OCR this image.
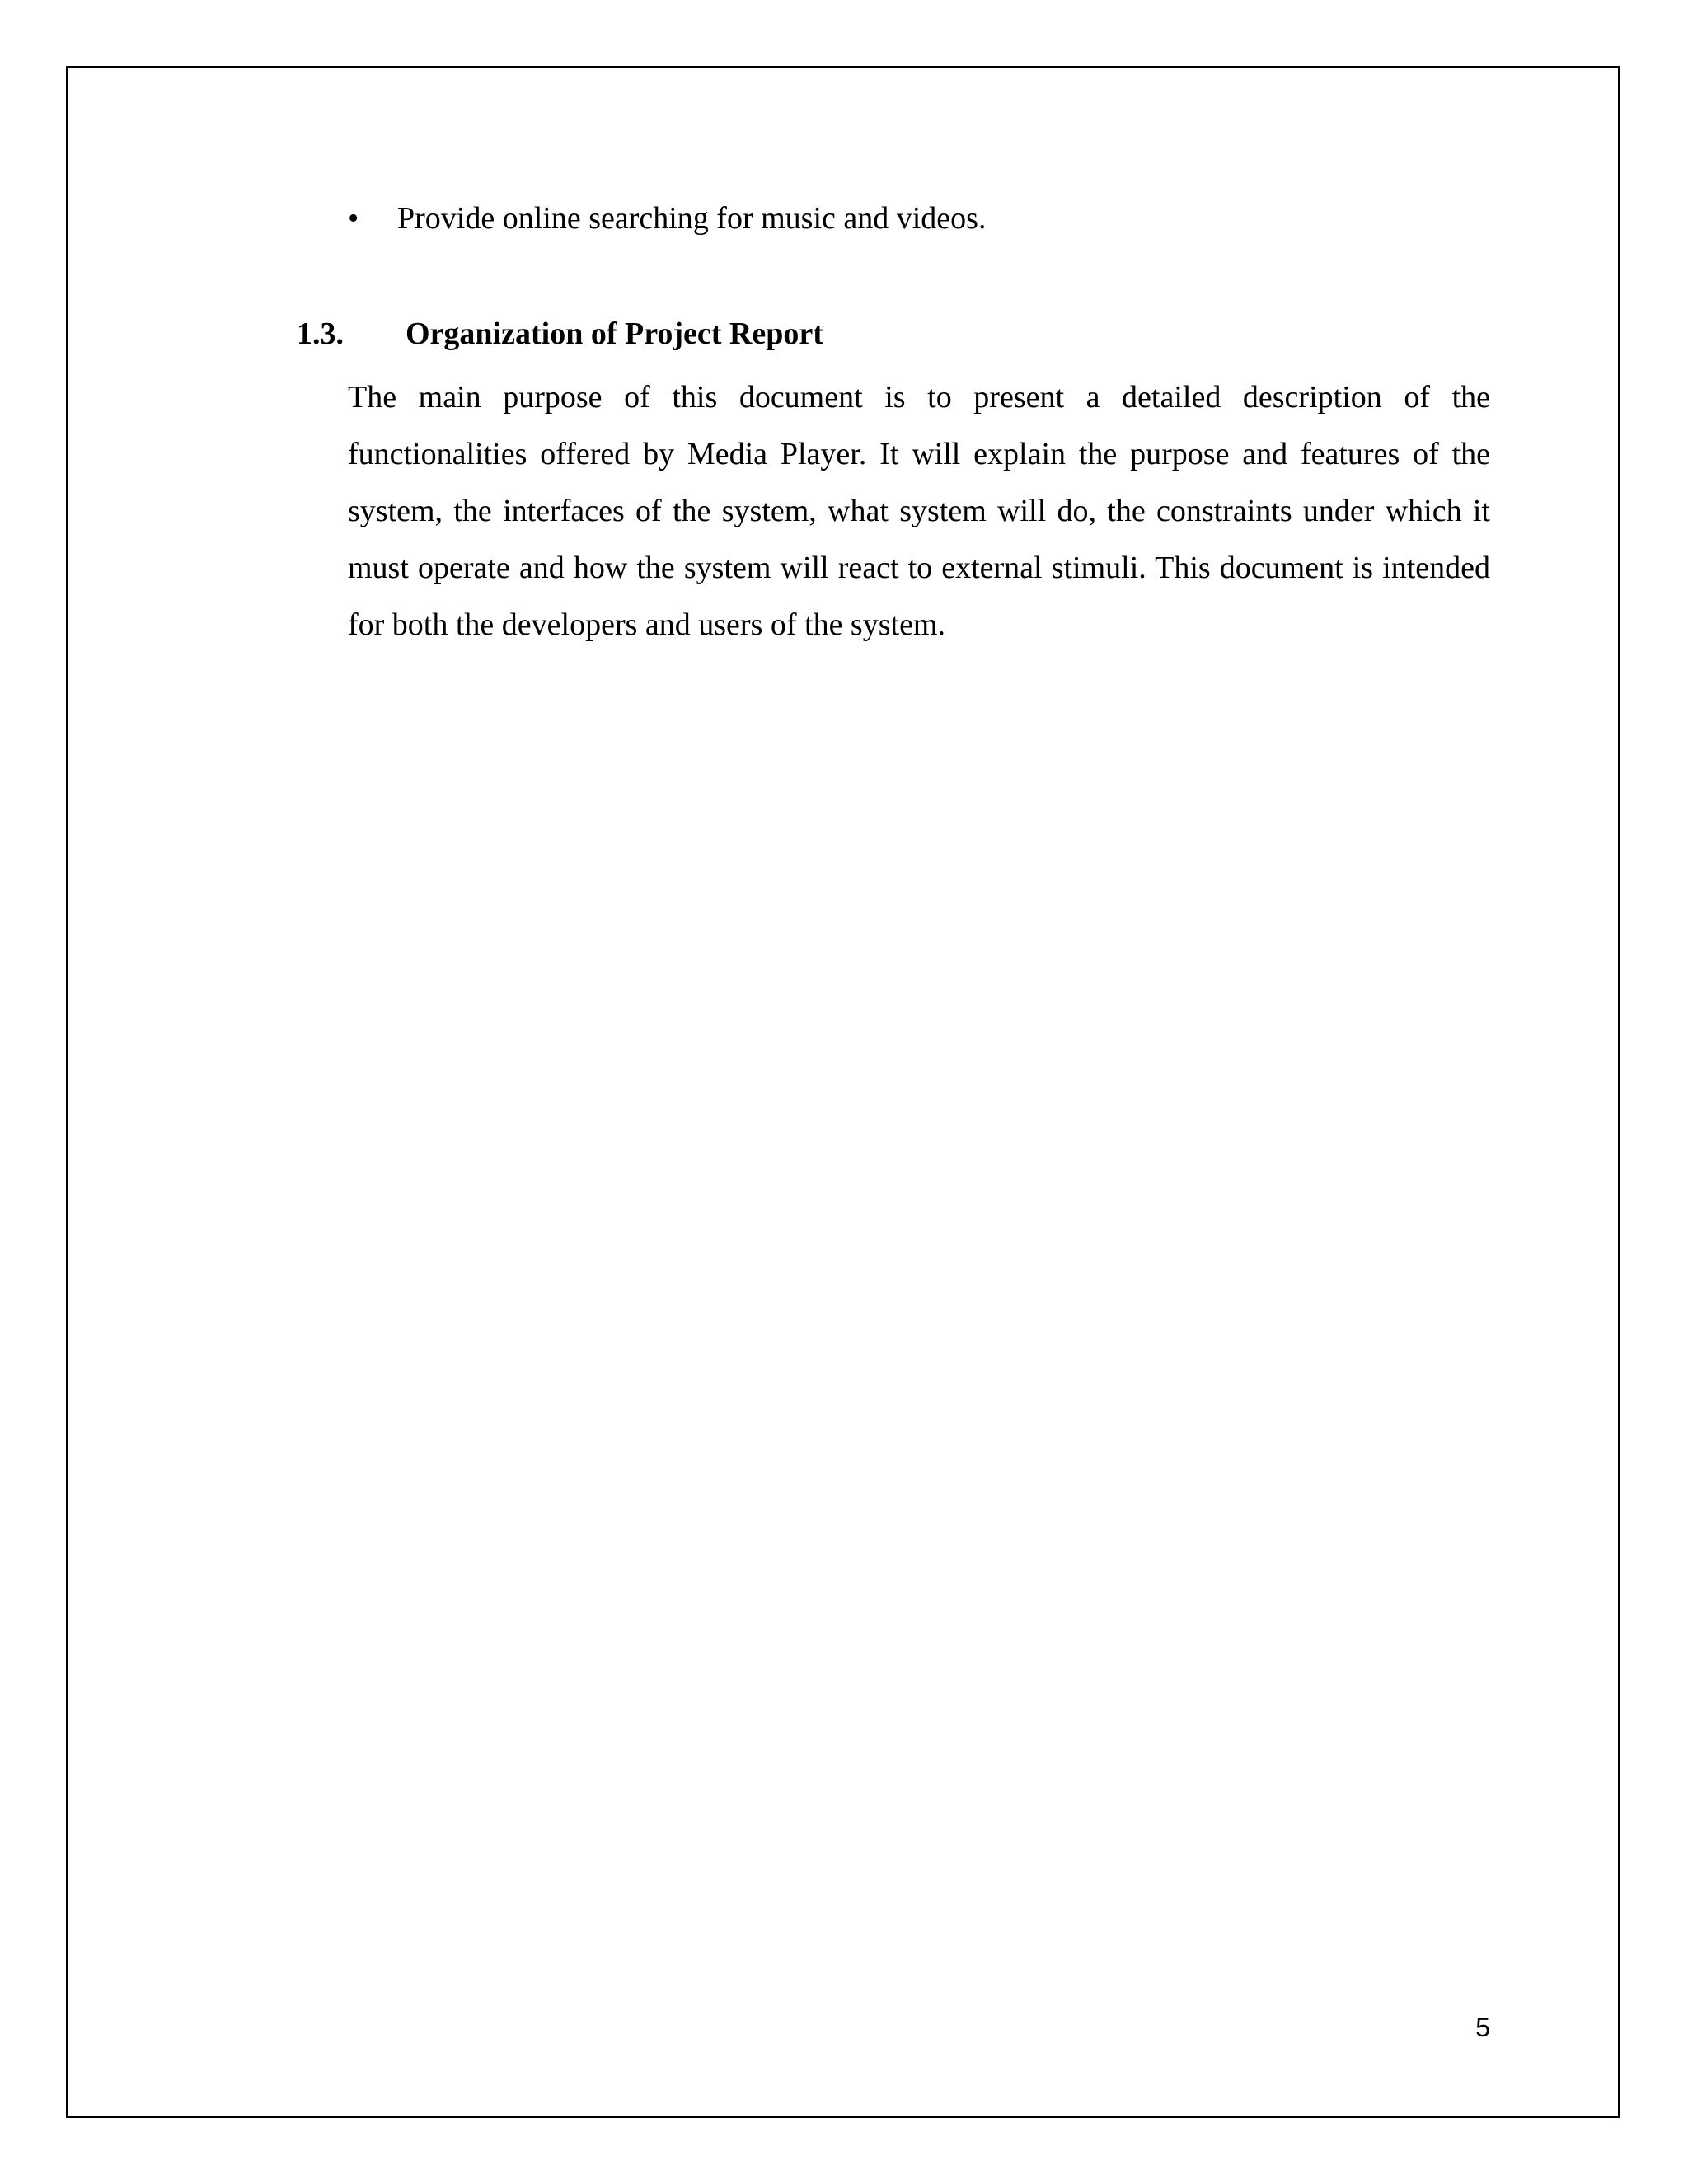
•	Provide online searching for music and videos.
1.3. Organization of Project Report

The main purpose of this document is to present a detailed description of the functionalities offered by Media Player. It will explain the purpose and features of the system, the interfaces of the system, what system will do, the constraints under which it must operate and how the system will react to external stimuli. This document is intended for both the developers and users of the system.

5
